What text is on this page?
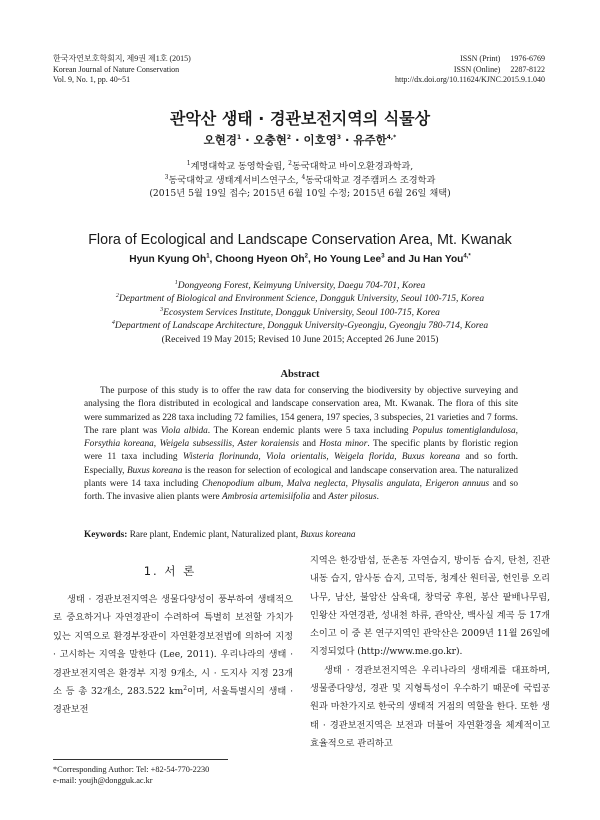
한국자연보호학회지, 제9권 제1호 (2015)
Korean Journal of Nature Conservation
Vol. 9, No. 1, pp. 40~51
ISSN (Print) 1976-6769
ISSN (Online) 2287-8122
http://dx.doi.org/10.11624/KJNC.2015.9.1.040
관악산 생태 · 경관보전지역의 식물상
오현경$^1$ · 오충현$^2$ · 이호영$^3$ · 유주한$^{4,*}$
$^1$계명대학교 동영학술림, $^2$동국대학교 바이오환경과학과,
$^3$동국대학교 생태계서비스연구소, $^4$동국대학교 경주캠퍼스 조경학과
(2015년 5월 19일 접수; 2015년 6월 10일 수정; 2015년 6월 26일 채택)
Flora of Ecological and Landscape Conservation Area, Mt. Kwanak
Hyun Kyung Oh$^1$, Choong Hyeon Oh$^2$, Ho Young Lee$^3$ and Ju Han You$^{4,*}$
$^1$Dongyeong Forest, Keimyung University, Daegu 704-701, Korea
$^2$Department of Biological and Environment Science, Dongguk University, Seoul 100-715, Korea
$^3$Ecosystem Services Institute, Dongguk University, Seoul 100-715, Korea
$^4$Department of Landscape Architecture, Dongguk University-Gyeongju, Gyeongju 780-714, Korea
(Received 19 May 2015; Revised 10 June 2015; Accepted 26 June 2015)
Abstract

The purpose of this study is to offer the raw data for conserving the biodiversity by objective surveying and analysing the flora distributed in ecological and landscape conservation area, Mt. Kwanak. The flora of this site were summarized as 228 taxa including 72 families, 154 genera, 197 species, 3 subspecies, 21 varieties and 7 forms. The rare plant was Viola albida. The Korean endemic plants were 5 taxa including Populus tomentiglandulosa, Forsythia koreana, Weigela subsessilis, Aster koraiensis and Hosta minor. The specific plants by floristic region were 11 taxa including Wisteria florinunda, Viola orientalis, Weigela florida, Buxus koreana and so forth. Especially, Buxus koreana is the reason for selection of ecological and landscape conservation area. The naturalized plants were 14 taxa including Chenopodium album, Malva neglecta, Physalis angulata, Erigeron annuus and so forth. The invasive alien plants were Ambrosia artemisiifolia and Aster pilosus.

Keywords: Rare plant, Endemic plant, Naturalized plant, Buxus koreana
1. 서 론

생태 · 경관보전지역은 생물다양성이 풍부하여 생태적으로 중요하거나 자연경관이 수려하여 특별히 보전할 가치가 있는 지역으로 환경부장관이 자연환경보전법에 의하여 지정 · 고시하는 지역을 말한다 (Lee, 2011). 우리나라의 생태 · 경관보전지역은 환경부 지정 9개소, 시 · 도지사 지정 23개소 등 총 32개소, 283.522 $km^2$이며, 서울특별시의 생태 · 경관보전

지역은 한강밤섬, 둔촌동 자연습지, 방이동 습지, 탄천, 진관내동 습지, 암사동 습지, 고덕동, 청계산 원터골, 헌인릉 오리나무, 남산, 불암산 삼육대, 창덕궁 후원, 봉산 팥배나무림, 인왕산 자연경관, 성내천 하류, 관악산, 백사실 계곡 등 17개소이고 이 중 본 연구지역인 관악산은 2009년 11월 26일에 지정되었다 (http://www.me.go.kr).

생태 · 경관보전지역은 우리나라의 생태계를 대표하며, 생물종다양성, 경관 및 지형특성이 우수하기 때문에 국립공원과 마찬가지로 한국의 생태적 거점의 역할을 한다. 또한 생태 · 경관보전지역은 보전과 더불어 자연환경을 체계적이고 효율적으로 관리하고

*Corresponding Author: Tel: +82-54-770-2230
e-mail: youjh@dongguk.ac.kr
